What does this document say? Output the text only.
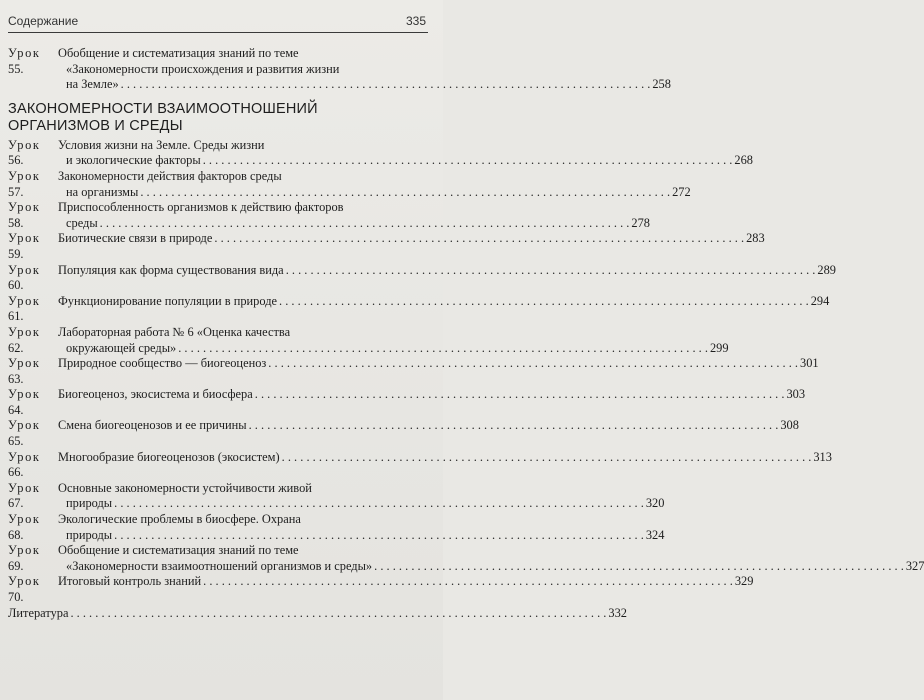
Содержание	335
Урок 55.
Обобщение и систематизация знаний по теме
«Закономерности происхождения и развития жизни
на Земле» . . .	258
ЗАКОНОМЕРНОСТИ ВЗАИМООТНОШЕНИЙ
ОРГАНИЗМОВ И СРЕДЫ
Урок 56.
Условия жизни на Земле. Среды жизни
и экологические факторы . . .	268
Урок 57.
Закономерности действия факторов среды
на организмы . . .	272
Урок 58.
Приспособленность организмов к действию факторов
среды . . .	278
Урок 59.
Биотические связи в природе . . .	283
Урок 60.
Популяция как форма существования вида . . .	289
Урок 61.
Функционирование популяции в природе . . .	294
Урок 62.
Лабораторная работа № 6 «Оценка качества
окружающей среды» . . .	299
Урок 63.
Природное сообщество — биогеоценоз . . .	301
Урок 64.
Биогеоценоз, экосистема и биосфера . . .	303
Урок 65.
Смена биогеоценозов и ее причины . . .	308
Урок 66.
Многообразие биогеоценозов (экосистем) . . .	313
Урок 67.
Основные закономерности устойчивости живой
природы . . .	320
Урок 68.
Экологические проблемы в биосфере. Охрана
природы . . .	324
Урок 69.
Обобщение и систематизация знаний по теме
«Закономерности взаимоотношений организмов и среды» . . .	327
Урок 70.
Итоговый контроль знаний . . .	329
Литература . . .	332
